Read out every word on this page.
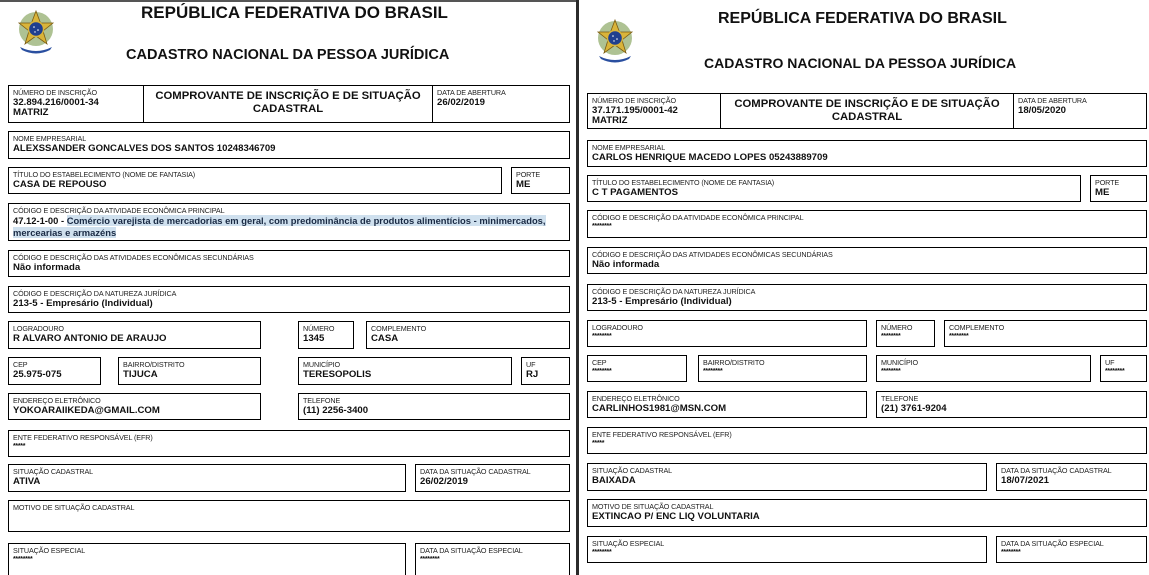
REPÚBLICA FEDERATIVA DO BRASIL
CADASTRO NACIONAL DA PESSOA JURÍDICA
NÚMERO DE INSCRIÇÃO
32.894.216/0001-34
MATRIZ
COMPROVANTE DE INSCRIÇÃO E DE SITUAÇÃO
CADASTRAL
DATA DE ABERTURA
26/02/2019
NOME EMPRESARIAL
ALEXSSANDER GONCALVES DOS SANTOS 10248346709
TÍTULO DO ESTABELECIMENTO (NOME DE FANTASIA)
CASA DE REPOUSO
PORTE
ME
CÓDIGO E DESCRIÇÃO DA ATIVIDADE ECONÔMICA PRINCIPAL
47.12-1-00 - Comércio varejista de mercadorias em geral, com predominância de produtos alimentícios - minimercados, mercearias e armazéns
CÓDIGO E DESCRIÇÃO DAS ATIVIDADES ECONÔMICAS SECUNDÁRIAS
Não informada
CÓDIGO E DESCRIÇÃO DA NATUREZA JURÍDICA
213-5 - Empresário (Individual)
LOGRADOURO
R ALVARO ANTONIO DE ARAUJO
NÚMERO
1345
COMPLEMENTO
CASA
CEP
25.975-075
BAIRRO/DISTRITO
TIJUCA
MUNICÍPIO
TERESOPOLIS
UF
RJ
ENDEREÇO ELETRÔNICO
YOKOARAIIKEDA@GMAIL.COM
TELEFONE
(11) 2256-3400
ENTE FEDERATIVO RESPONSÁVEL (EFR)
*****
SITUAÇÃO CADASTRAL
ATIVA
DATA DA SITUAÇÃO CADASTRAL
26/02/2019
MOTIVO DE SITUAÇÃO CADASTRAL
SITUAÇÃO ESPECIAL
********
DATA DA SITUAÇÃO ESPECIAL
********
REPÚBLICA FEDERATIVA DO BRASIL
CADASTRO NACIONAL DA PESSOA JURÍDICA
NÚMERO DE INSCRIÇÃO
37.171.195/0001-42
MATRIZ
COMPROVANTE DE INSCRIÇÃO E DE SITUAÇÃO
CADASTRAL
DATA DE ABERTURA
18/05/2020
NOME EMPRESARIAL
CARLOS HENRIQUE MACEDO LOPES 05243889709
TÍTULO DO ESTABELECIMENTO (NOME DE FANTASIA)
C T PAGAMENTOS
PORTE
ME
CÓDIGO E DESCRIÇÃO DA ATIVIDADE ECONÔMICA PRINCIPAL
********
CÓDIGO E DESCRIÇÃO DAS ATIVIDADES ECONÔMICAS SECUNDÁRIAS
Não informada
CÓDIGO E DESCRIÇÃO DA NATUREZA JURÍDICA
213-5 - Empresário (Individual)
LOGRADOURO
********
NÚMERO
********
COMPLEMENTO
********
CEP
********
BAIRRO/DISTRITO
********
MUNICÍPIO
********
UF
********
ENDEREÇO ELETRÔNICO
CARLINHOS1981@MSN.COM
TELEFONE
(21) 3761-9204
ENTE FEDERATIVO RESPONSÁVEL (EFR)
*****
SITUAÇÃO CADASTRAL
BAIXADA
DATA DA SITUAÇÃO CADASTRAL
18/07/2021
MOTIVO DE SITUAÇÃO CADASTRAL
EXTINCAO P/ ENC LIQ VOLUNTARIA
SITUAÇÃO ESPECIAL
********
DATA DA SITUAÇÃO ESPECIAL
********
